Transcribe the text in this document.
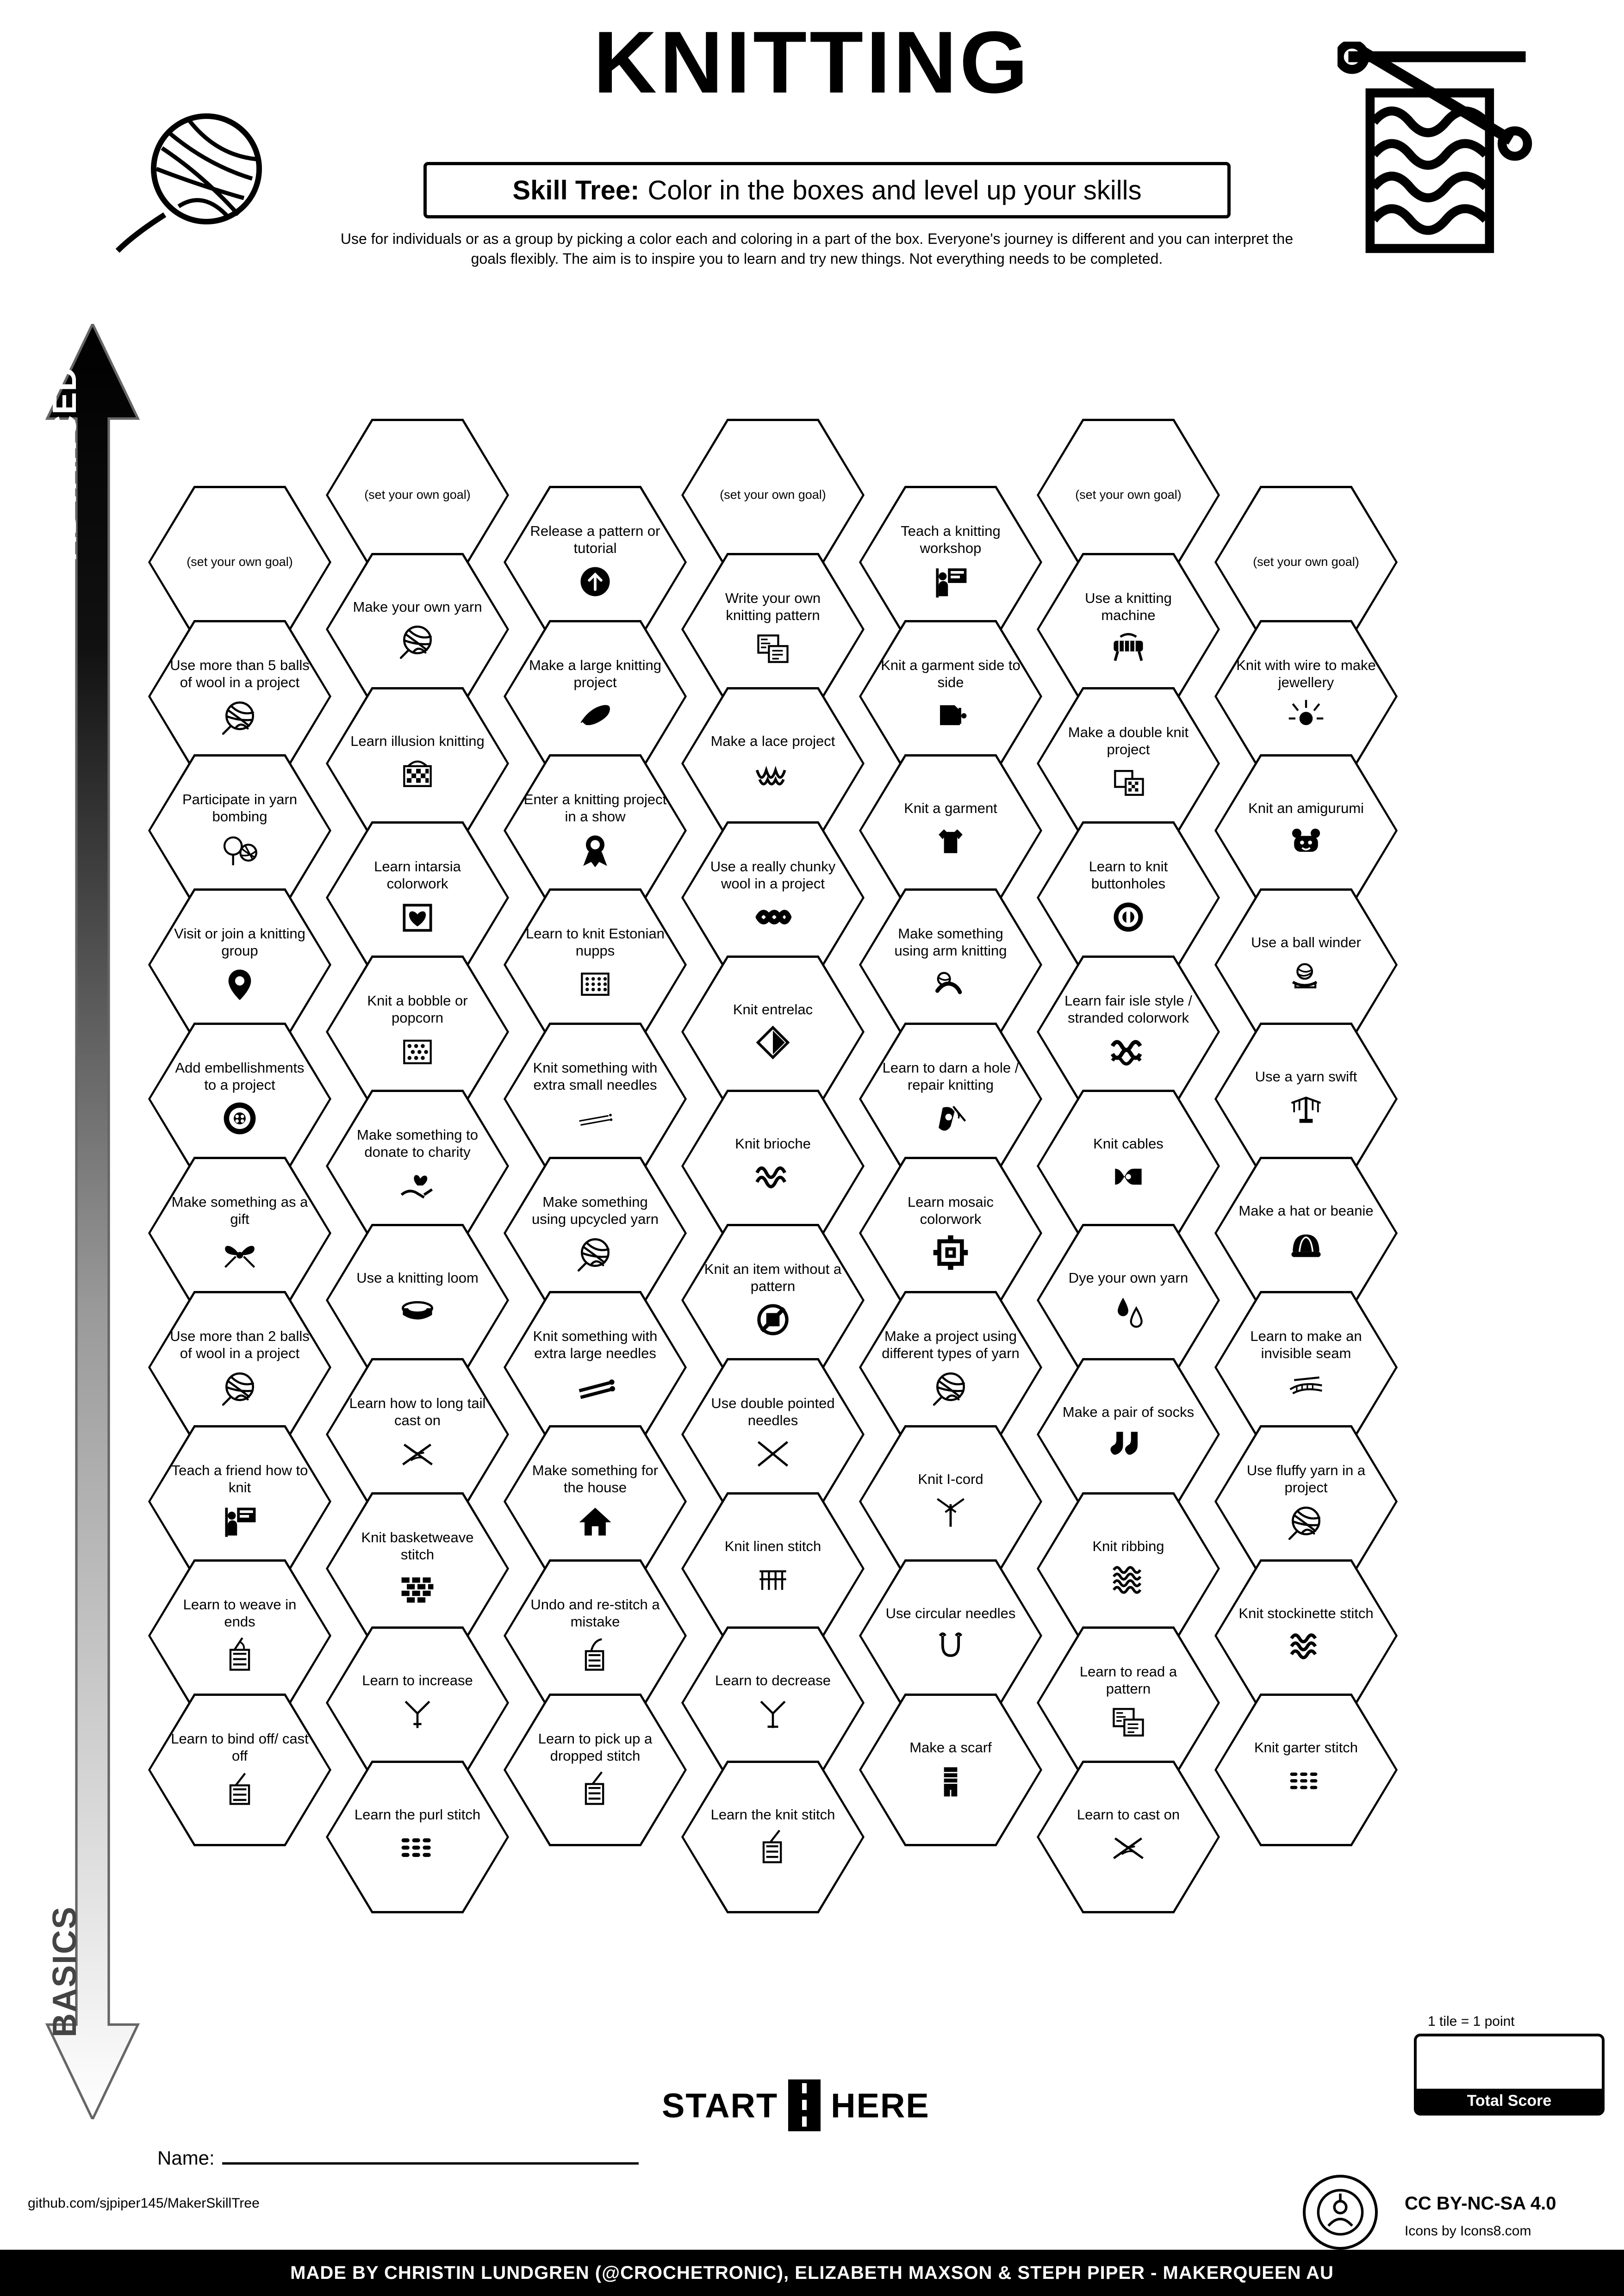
KNITTING
Skill Tree: Color in the boxes and level up your skills
Use for individuals or as a group by picking a color each and coloring in a part of the box. Everyone's journey is different and you can interpret the goals flexibly. The aim is to inspire you to learn and try new things. Not everything needs to be completed.
ADVANCED
BASICS
(set your own goal)
Use more than 5 balls of wool in a project
Participate in yarn bombing
Visit or join a knitting group
Add embellishments to a project
Make something as a gift
Use more than 2 balls of wool in a project
Teach a friend how to knit
Learn to weave in ends
Learn to bind off/ cast off
(set your own goal)
Make your own yarn
Learn illusion knitting
Learn intarsia colorwork
Knit a bobble or popcorn
Make something to donate to charity
Use a knitting loom
Learn how to long tail cast on
Knit basketweave stitch
Learn to increase
Learn the purl stitch
Release a pattern or tutorial
Make a large knitting project
Enter a knitting project in a show
Learn to knit Estonian nupps
Knit something with extra small needles
Make something using upcycled yarn
Knit something with extra large needles
Make something for the house
Undo and re-stitch a mistake
Learn to pick up a dropped stitch
(set your own goal)
Write your own knitting pattern
Make a lace project
Use a really chunky wool in a project
Knit entrelac
Knit brioche
Knit an item without a pattern
Use double pointed needles
Knit linen stitch
Learn to decrease
Learn the knit stitch
Teach a knitting workshop
Knit a garment side to side
Knit a garment
Make something using arm knitting
Learn to darn a hole / repair knitting
Learn mosaic colorwork
Make a project using different types of yarn
Knit I-cord
Use circular needles
Make a scarf
(set your own goal)
Use a knitting machine
Make a double knit project
Learn to knit buttonholes
Learn fair isle style / stranded colorwork
Knit cables
Dye your own yarn
Make a pair of socks
Knit ribbing
Learn to read a pattern
Learn to cast on
(set your own goal)
Knit with wire to make jewellery
Knit an amigurumi
Use a ball winder
Use a yarn swift
Make a hat or beanie
Learn to make an invisible seam
Use fluffy yarn in a project
Knit stockinette stitch
Knit garter stitch
START HERE
1 tile = 1 point
Total Score
Name:
github.com/sjpiper145/MakerSkillTree	CC BY-NC-SA 4.0
Icons by Icons8.com
MADE BY CHRISTIN LUNDGREN (@CROCHETRONIC), ELIZABETH MAXSON & STEPH PIPER - MAKERQUEEN AU
